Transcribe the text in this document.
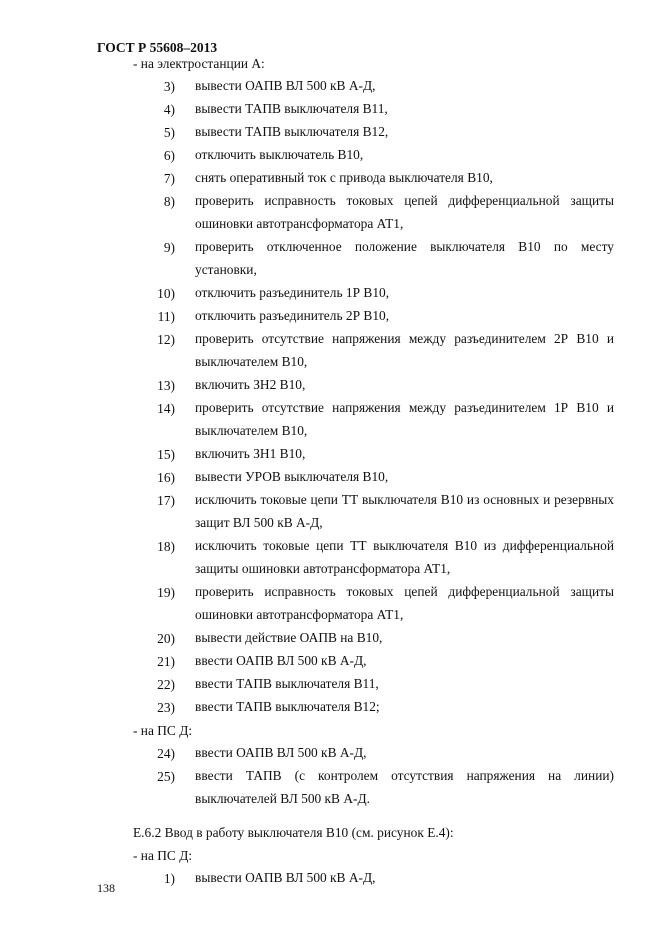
ГОСТ Р 55608–2013
- на электростанции А:
3) вывести ОАПВ ВЛ 500 кВ А-Д,
4) вывести ТАПВ выключателя В11,
5) вывести ТАПВ выключателя В12,
6) отключить выключатель В10,
7) снять оперативный ток с привода выключателя В10,
8) проверить исправность токовых цепей дифференциальной защиты
ошиновки автотрансформатора АТ1,
9) проверить отключенное положение выключателя В10 по месту
установки,
10) отключить разъединитель 1Р В10,
11) отключить разъединитель 2Р В10,
12) проверить отсутствие напряжения между разъединителем 2Р В10 и
выключателем В10,
13) включить ЗН2 В10,
14) проверить отсутствие напряжения между разъединителем 1Р В10 и
выключателем В10,
15) включить ЗН1 В10,
16) вывести УРОВ выключателя В10,
17) исключить токовые цепи ТТ выключателя В10 из основных и резервных
защит ВЛ 500 кВ А-Д,
18) исключить токовые цепи ТТ выключателя В10 из дифференциальной
защиты ошиновки автотрансформатора АТ1,
19) проверить исправность токовых цепей дифференциальной защиты
ошиновки автотрансформатора АТ1,
20) вывести действие ОАПВ на В10,
21) ввести ОАПВ ВЛ 500 кВ А-Д,
22) ввести ТАПВ выключателя В11,
23) ввести ТАПВ выключателя В12;
- на ПС Д:
24) ввести ОАПВ ВЛ 500 кВ А-Д,
25) ввести ТАПВ (с контролем отсутствия напряжения на линии)
выключателей ВЛ 500 кВ А-Д.
Е.6.2 Ввод в работу выключателя В10 (см. рисунок Е.4):
- на ПС Д:
1) вывести ОАПВ ВЛ 500 кВ А-Д,
138
